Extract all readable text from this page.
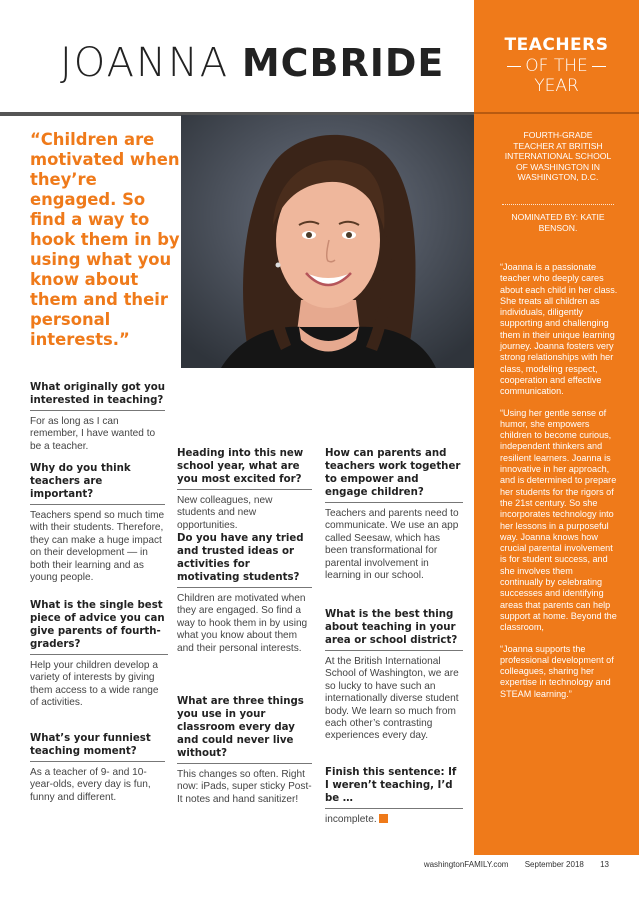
JOANNA MCBRIDE	TEACHERS
OF THE
YEAR
FOURTH-GRADE TEACHER AT BRITISH INTERNATIONAL SCHOOL OF WASHINGTON IN WASHINGTON, D.C.
NOMINATED BY: KATIE BENSON.

“Joanna is a passionate teacher who deeply cares about each child in her class. She treats all children as individuals, diligently supporting and challenging them in their unique learning journey. Joanna fosters very strong relationships with her class, modeling respect, cooperation and effective communication.

“Using her gentle sense of humor, she empowers children to become curious, independent thinkers and resilient learners. Joanna is innovative in her approach, and is determined to prepare her students for the rigors of the 21st century. So she incorporates technology into her lessons in a purposeful way. Joanna knows how crucial parental involvement is for student success, and she involves them continually by celebrating successes and identifying areas that parents can help support at home. Beyond the classroom,

“Joanna supports the professional development of colleagues, sharing her expertise in technology and STEAM learning.”

“Children are motivated when they’re engaged. So find a way to hook them in by using what you know about them and their personal interests.”
What originally got you interested in teaching?
For as long as I can remember, I have wanted to be a teacher.
Why do you think teachers are important?
Teachers spend so much time with their students. Therefore, they can make a huge impact on their development — in both their learning and as young people.
What is the single best piece of advice you can give parents of fourth-graders?
Help your children develop a variety of interests by giving them access to a wide range of activities.
What’s your funniest teaching moment?
As a teacher of 9- and 10-year-olds, every day is fun, funny and different.
Heading into this new school year, what are you most excited for?
New colleagues, new students and new opportunities.
Do you have any tried and trusted ideas or activities for motivating students?
Children are motivated when they are engaged. So find a way to hook them in by using what you know about them and their personal interests.
What are three things you use in your classroom every day and could never live without?
This changes so often. Right now: iPads, super sticky Post-It notes and hand sanitizer!
How can parents and teachers work together to empower and engage children?
Teachers and parents need to communicate. We use an app called Seesaw, which has been transformational for parental involvement in learning in our school.
What is the best thing about teaching in your area or school district?
At the British International School of Washington, we are so lucky to have such an internationally diverse student body. We learn so much from each other’s contrasting experiences every day.
Finish this sentence: If I weren’t teaching, I’d be …
incomplete.
washingtonFAMILY.com September 2018 13
